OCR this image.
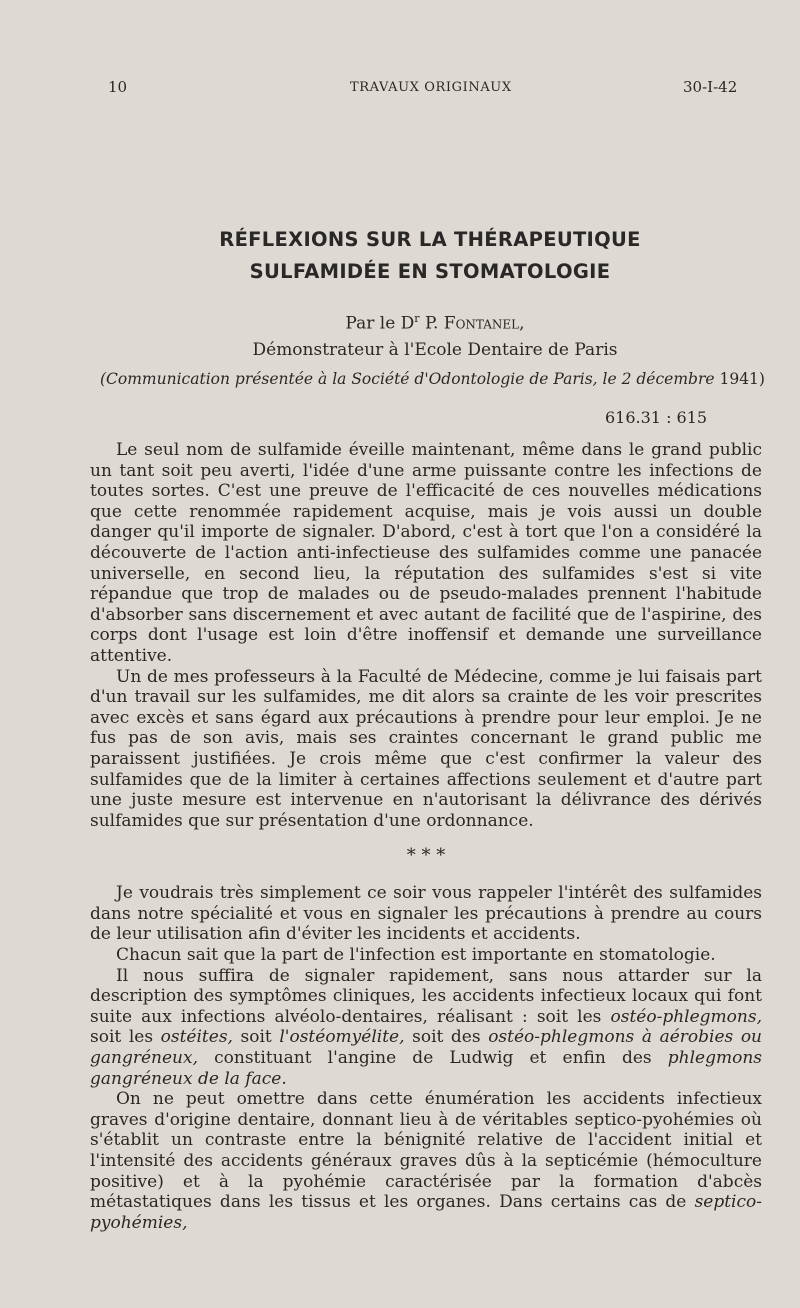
10	TRAVAUX ORIGINAUX	30-I-42
RÉFLEXIONS SUR LA THÉRAPEUTIQUE
SULFAMIDÉE EN STOMATOLOGIE
Par le $D^r$ P. Fontanel,
Démonstrateur à l'Ecole Dentaire de Paris
(Communication présentée à la Société d'Odontologie de Paris, le 2 décembre 1941)
616.31 : 615

Le seul nom de sulfamide éveille maintenant, même dans le grand public un tant soit peu averti, l'idée d'une arme puissante contre les infections de toutes sortes. C'est une preuve de l'efficacité de ces nouvelles médications que cette renommée rapidement acquise, mais je vois aussi un double danger qu'il importe de signaler. D'abord, c'est à tort que l'on a considéré la découverte de l'action anti-infectieuse des sulfamides comme une panacée universelle, en second lieu, la réputation des sulfamides s'est si vite répandue que trop de malades ou de pseudo-malades prennent l'habitude d'absorber sans discernement et avec autant de facilité que de l'aspirine, des corps dont l'usage est loin d'être inoffensif et demande une surveillance attentive.

Un de mes professeurs à la Faculté de Médecine, comme je lui faisais part d'un travail sur les sulfamides, me dit alors sa crainte de les voir prescrites avec excès et sans égard aux précautions à prendre pour leur emploi. Je ne fus pas de son avis, mais ses craintes concernant le grand public me paraissent justifiées. Je crois même que c'est confirmer la valeur des sulfamides que de la limiter à certaines affections seulement et d'autre part une juste mesure est intervenue en n'autorisant la délivrance des dérivés sulfamides que sur présentation d'une ordonnance.

* * *

Je voudrais très simplement ce soir vous rappeler l'intérêt des sulfamides dans notre spécialité et vous en signaler les précautions à prendre au cours de leur utilisation afin d'éviter les incidents et accidents.

Chacun sait que la part de l'infection est importante en stomatologie.

Il nous suffira de signaler rapidement, sans nous attarder sur la description des symptômes cliniques, les accidents infectieux locaux qui font suite aux infections alvéolo-dentaires, réalisant : soit les ostéo-phlegmons, soit les ostéites, soit l'ostéomyélite, soit des ostéo-phlegmons à aérobies ou gangréneux, constituant l'angine de Ludwig et enfin des phlegmons gangréneux de la face.

On ne peut omettre dans cette énumération les accidents infectieux graves d'origine dentaire, donnant lieu à de véritables septico-pyohémies où s'établit un contraste entre la bénignité relative de l'accident initial et l'intensité des accidents généraux graves dûs à la septicémie (hémoculture positive) et à la pyohémie caractérisée par la formation d'abcès métastatiques dans les tissus et les organes. Dans certains cas de septico-pyohémies,
